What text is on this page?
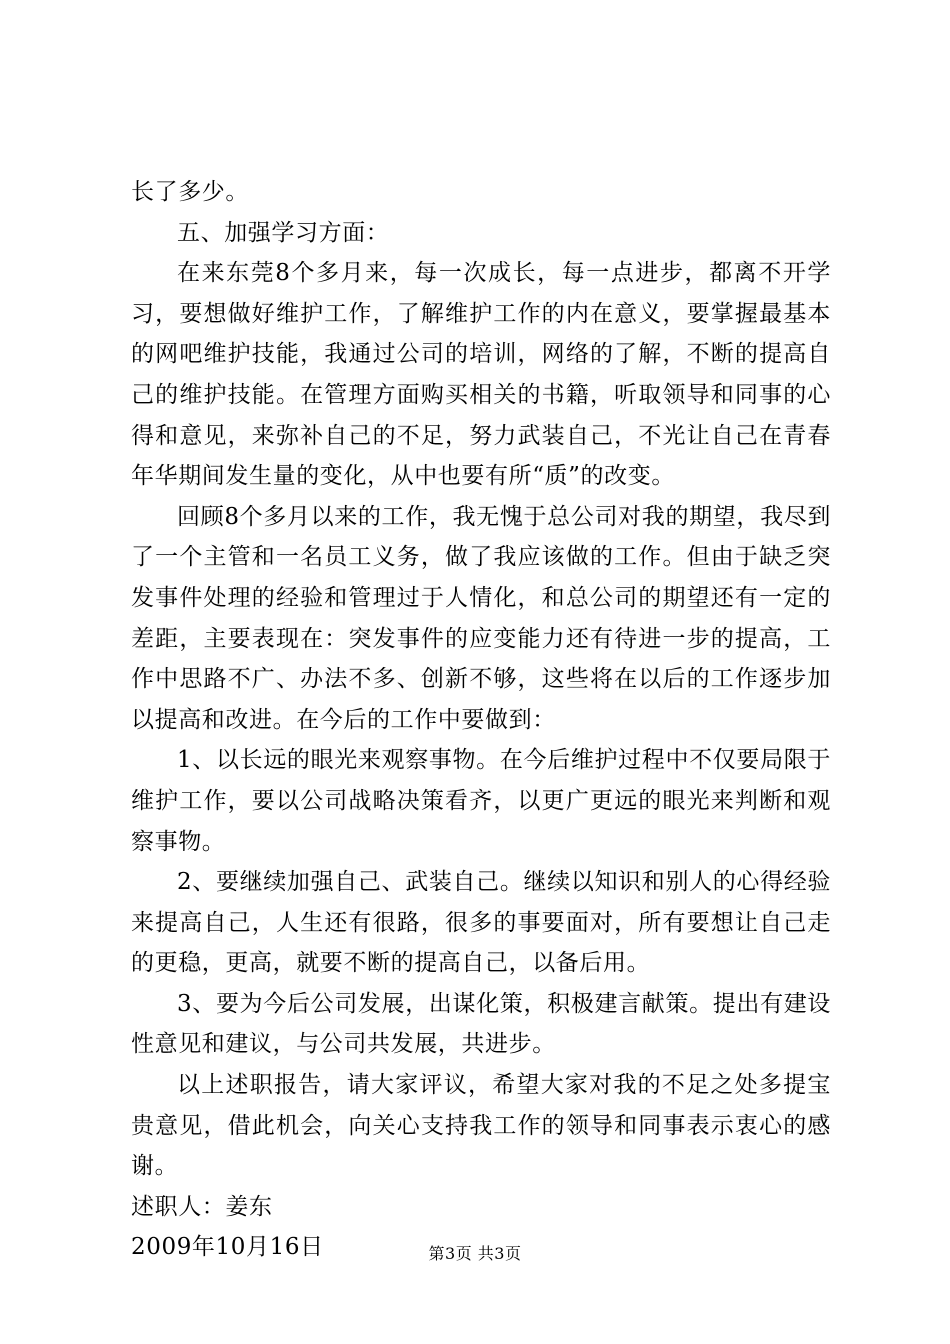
长了多少。

五、加强学习方面：

在来东莞8个多月来，每一次成长，每一点进步，都离不开学习，要想做好维护工作，了解维护工作的内在意义，要掌握最基本的网吧维护技能，我通过公司的培训，网络的了解，不断的提高自己的维护技能。在管理方面购买相关的书籍，听取领导和同事的心得和意见，来弥补自己的不足，努力武装自己，不光让自己在青春年华期间发生量的变化，从中也要有所“质”的改变。

回顾8个多月以来的工作，我无愧于总公司对我的期望，我尽到了一个主管和一名员工义务，做了我应该做的工作。但由于缺乏突发事件处理的经验和管理过于人情化，和总公司的期望还有一定的差距，主要表现在：突发事件的应变能力还有待进一步的提高，工作中思路不广、办法不多、创新不够，这些将在以后的工作逐步加以提高和改进。在今后的工作中要做到：

1、以长远的眼光来观察事物。在今后维护过程中不仅要局限于维护工作，要以公司战略决策看齐，以更广更远的眼光来判断和观察事物。

2、要继续加强自己、武装自己。继续以知识和别人的心得经验来提高自己，人生还有很路，很多的事要面对，所有要想让自己走的更稳，更高，就要不断的提高自己，以备后用。

3、要为今后公司发展，出谋化策，积极建言献策。提出有建设性意见和建议，与公司共发展，共进步。

以上述职报告，请大家评议，希望大家对我的不足之处多提宝贵意见，借此机会，向关心支持我工作的领导和同事表示衷心的感谢。

述职人：姜东

2009年10月16日	第3页 共3页
